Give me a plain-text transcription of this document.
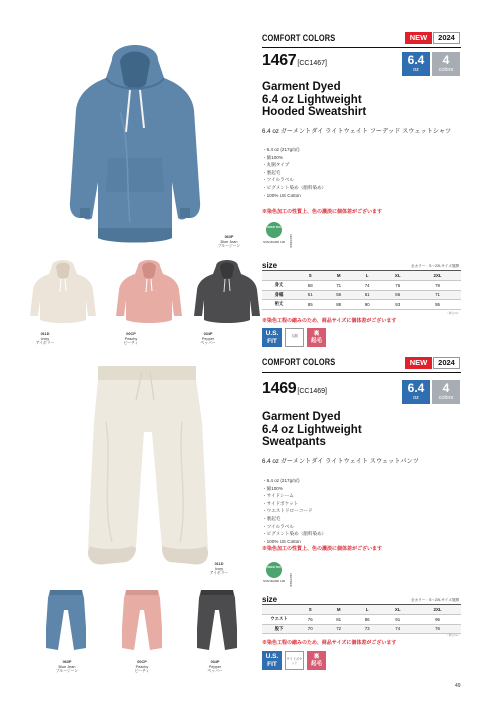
063P
Blue Jean
ブルージーン
011D
Ivory
アイボリー
00CP
Peachy
ピーチィ
034P
Pepper
ペッパー
COMFORT COLORS	NEW	2024
1467[CC1467]	6.4
oz
4
colors
Garment Dyed
6.4 oz Lightweight
Hooded Sweatshirt
6.4 oz ガーメントダイ ライトウェイト フーデッド スウェットシャツ
・6.4 oz (217g/㎡)
・綿100%
・丸胴タイプ
・裏起毛
・ツイルラベル
・ピグメント染め（顔料染め）
・100% US Cotton
※染色加工の性質上、色の濃淡に個体差がございます
OEKO TEX
STANDARD 100	CERTIFIED
size	全カラー：S〜2XLサイズ展開
	S	M	L	XL	2XL
身丈	68	71	74	76	79
身幅	51	56	61	66	71
裄丈	85	88	90	93	95
（単位:cm）
※染色工程の縮みのため、商品サイズに個体差がございます
U.S.
FIT
丸胴	裏
起毛
011D
Ivory
アイボリー
063P
Blue Jean
ブルージーン
00CP
Peachy
ピーチィ
034P
Pepper
ペッパー
COMFORT COLORS	NEW	2024
1469[CC1469]	6.4
oz
4
colors
Garment Dyed
6.4 oz Lightweight
Sweatpants
6.4 oz ガーメントダイ ライトウェイト スウェットパンツ
・6.4 oz (217g/㎡)
・綿100%
・サイドシーム
・サイドポケット
・ウエストドローコード
・裏起毛
・ツイルラベル
・ピグメント染め（顔料染め）
・100% US Cotton
※染色加工の性質上、色の濃淡に個体差がございます
OEKO TEX
STANDARD 100	CERTIFIED
size	全カラー：S〜2XLサイズ展開
	S	M	L	XL	2XL
ウエスト	76	81	86	91	96
股下	70	72	73	74	76
（単位:cm）
※染色工程の縮みのため、商品サイズに個体差がございます
U.S.
FIT
サイドポケット
裏
起毛
49
